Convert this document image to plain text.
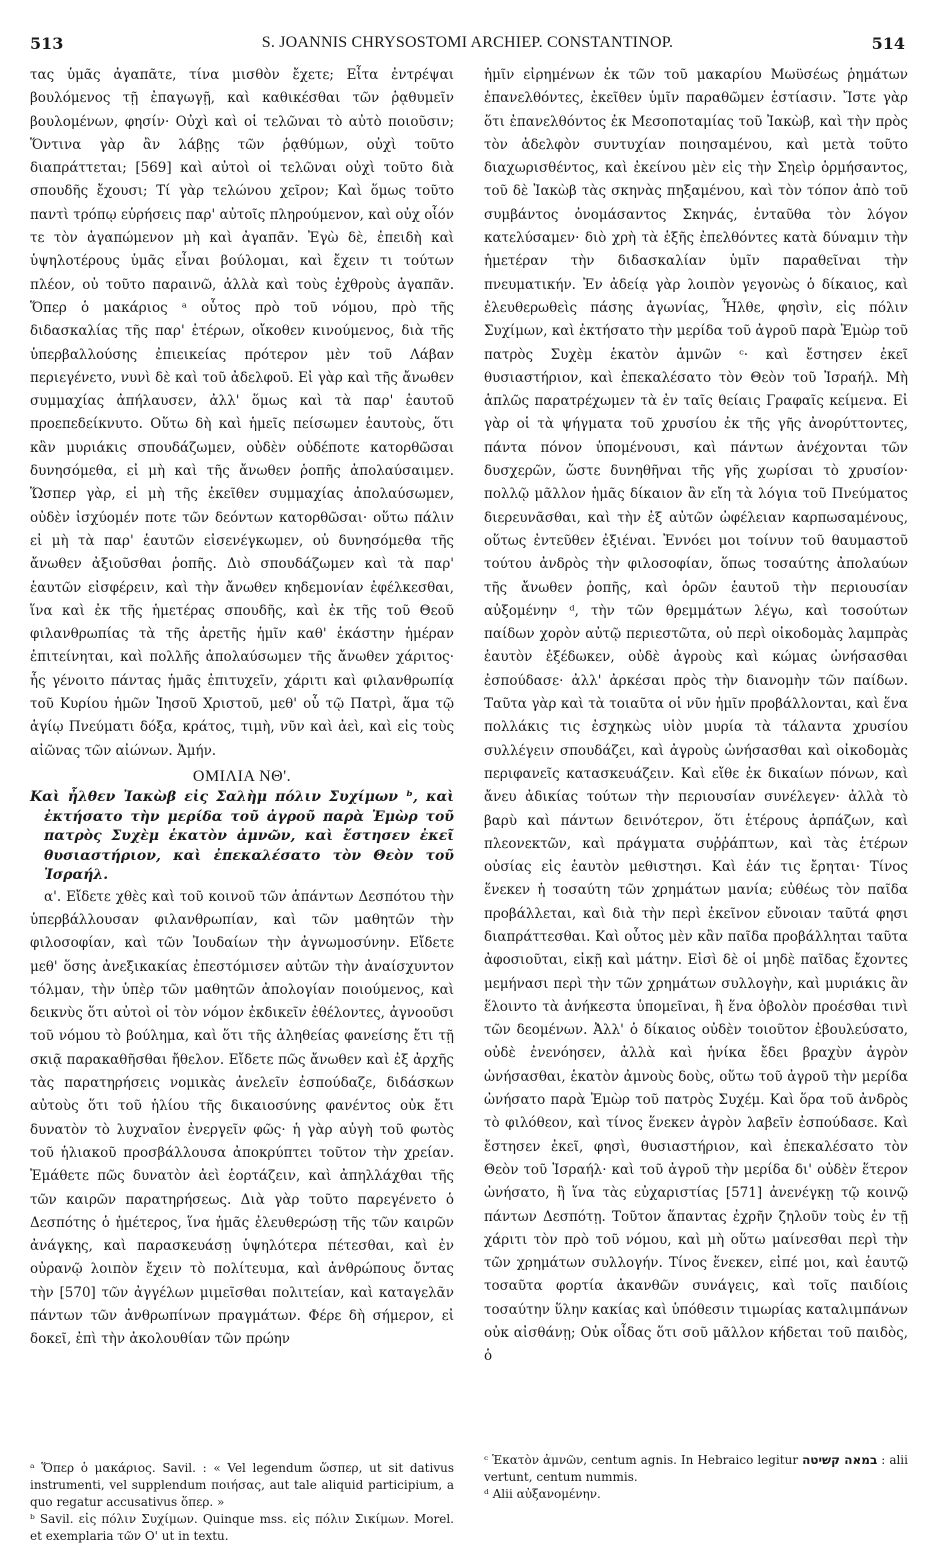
513	S. JOANNIS CHRYSOSTOMI ARCHIEP. CONSTANTINOP.	514

τας ὑμᾶς ἀγαπᾶτε, τίνα μισθὸν ἔχετε; Εἶτα ἐντρέψαι βουλόμενος τῇ ἐπαγωγῇ, καὶ καθικέσθαι τῶν ῥᾳθυμεῖν βουλομένων, φησίν· Οὐχὶ καὶ οἱ τελῶναι τὸ αὐτὸ ποιοῦσιν; Ὅντινα γὰρ ἂν λάβῃς τῶν ῥᾳθύμων, οὐχὶ τοῦτο διαπράττεται; [569] καὶ αὐτοὶ οἱ τελῶναι οὐχὶ τοῦτο διὰ σπουδῆς ἔχουσι; Τί γὰρ τελώνου χεῖρον; Καὶ ὅμως τοῦτο παντὶ τρόπῳ εὑρήσεις παρ' αὐτοῖς πληρούμενον, καὶ οὐχ οἷόν τε τὸν ἀγαπώμενον μὴ καὶ ἀγαπᾶν. Ἐγὼ δὲ, ἐπειδὴ καὶ ὑψηλοτέρους ὑμᾶς εἶναι βούλομαι, καὶ ἔχειν τι τούτων πλέον, οὐ τοῦτο παραινῶ, ἀλλὰ καὶ τοὺς ἐχθροὺς ἀγαπᾶν. Ὅπερ ὁ μακάριος ᵃ οὗτος πρὸ τοῦ νόμου, πρὸ τῆς διδασκαλίας τῆς παρ' ἑτέρων, οἴκοθεν κινούμενος, διὰ τῆς ὑπερβαλλούσης ἐπιεικείας πρότερον μὲν τοῦ Λάβαν περιεγένετο, νυνὶ δὲ καὶ τοῦ ἀδελφοῦ. Εἰ γὰρ καὶ τῆς ἄνωθεν συμμαχίας ἀπήλαυσεν, ἀλλ' ὅμως καὶ τὰ παρ' ἑαυτοῦ προεπεδείκνυτο. Οὕτω δὴ καὶ ἡμεῖς πείσωμεν ἑαυτοὺς, ὅτι κἂν μυριάκις σπουδάζωμεν, οὐδὲν οὐδέποτε κατορθῶσαι δυνησόμεθα, εἰ μὴ καὶ τῆς ἄνωθεν ῥοπῆς ἀπολαύσαιμεν. Ὥσπερ γὰρ, εἰ μὴ τῆς ἐκεῖθεν συμμαχίας ἀπολαύσωμεν, οὐδὲν ἰσχύομέν ποτε τῶν δεόντων κατορθῶσαι· οὕτω πάλιν εἰ μὴ τὰ παρ' ἑαυτῶν εἰσενέγκωμεν, οὐ δυνησόμεθα τῆς ἄνωθεν ἀξιοῦσθαι ῥοπῆς. Διὸ σπουδάζωμεν καὶ τὰ παρ' ἑαυτῶν εἰσφέρειν, καὶ τὴν ἄνωθεν κηδεμονίαν ἐφέλκεσθαι, ἵνα καὶ ἐκ τῆς ἡμετέρας σπουδῆς, καὶ ἐκ τῆς τοῦ Θεοῦ φιλανθρωπίας τὰ τῆς ἀρετῆς ἡμῖν καθ' ἑκάστην ἡμέραν ἐπιτείνηται, καὶ πολλῆς ἀπολαύσωμεν τῆς ἄνωθεν χάριτος· ἧς γένοιτο πάντας ἡμᾶς ἐπιτυχεῖν, χάριτι καὶ φιλανθρωπίᾳ τοῦ Κυρίου ἡμῶν Ἰησοῦ Χριστοῦ, μεθ' οὗ τῷ Πατρὶ, ἅμα τῷ ἁγίῳ Πνεύματι δόξα, κράτος, τιμὴ, νῦν καὶ ἀεὶ, καὶ εἰς τοὺς αἰῶνας τῶν αἰώνων. Ἀμήν.

ΟΜΙΛΙΑ ΝΘ'.

Καὶ ἦλθεν Ἰακὼβ εἰς Σαλὴμ πόλιν Συχίμων ᵇ, καὶ ἐκτήσατο τὴν μερίδα τοῦ ἀγροῦ παρὰ Ἐμὼρ τοῦ πατρὸς Συχὲμ ἑκατὸν ἀμνῶν, καὶ ἔστησεν ἐκεῖ θυσιαστήριον, καὶ ἐπεκαλέσατο τὸν Θεὸν τοῦ Ἰσραήλ.

α'. Εἴδετε χθὲς καὶ τοῦ κοινοῦ τῶν ἁπάντων Δεσπότου τὴν ὑπερβάλλουσαν φιλανθρωπίαν, καὶ τῶν μαθητῶν τὴν φιλοσοφίαν, καὶ τῶν Ἰουδαίων τὴν ἀγνωμοσύνην. Εἴδετε μεθ' ὅσης ἀνεξικακίας ἐπεστόμισεν αὐτῶν τὴν ἀναίσχυντον τόλμαν, τὴν ὑπὲρ τῶν μαθητῶν ἀπολογίαν ποιούμενος, καὶ δεικνὺς ὅτι αὐτοὶ οἱ τὸν νόμον ἐκδικεῖν ἐθέλοντες, ἀγνοοῦσι τοῦ νόμου τὸ βούλημα, καὶ ὅτι τῆς ἀληθείας φανείσης ἔτι τῇ σκιᾷ παρακαθῆσθαι ἤθελον. Εἴδετε πῶς ἄνωθεν καὶ ἐξ ἀρχῆς τὰς παρατηρήσεις νομικὰς ἀνελεῖν ἐσπούδαζε, διδάσκων αὐτοὺς ὅτι τοῦ ἡλίου τῆς δικαιοσύνης φανέντος οὐκ ἔτι δυνατὸν τὸ λυχναῖον ἐνεργεῖν φῶς· ἡ γὰρ αὐγὴ τοῦ φωτὸς τοῦ ἡλιακοῦ προσβάλλουσα ἀποκρύπτει τοῦτον τὴν χρείαν. Ἐμάθετε πῶς δυνατὸν ἀεὶ ἑορτάζειν, καὶ ἀπηλλάχθαι τῆς τῶν καιρῶν παρατηρήσεως. Διὰ γὰρ τοῦτο παρεγένετο ὁ Δεσπότης ὁ ἡμέτερος, ἵνα ἡμᾶς ἐλευθερώσῃ τῆς τῶν καιρῶν ἀνάγκης, καὶ παρασκευάσῃ ὑψηλότερα πέτεσθαι, καὶ ἐν οὐρανῷ λοιπὸν ἔχειν τὸ πολίτευμα, καὶ ἀνθρώπους ὄντας τὴν [570] τῶν ἀγγέλων μιμεῖσθαι πολιτείαν, καὶ καταγελᾶν πάντων τῶν ἀνθρωπίνων πραγμάτων. Φέρε δὴ σήμερον, εἰ δοκεῖ, ἐπὶ τὴν ἀκολουθίαν τῶν πρώην

ἡμῖν εἰρημένων ἐκ τῶν τοῦ μακαρίου Μωϋσέως ῥημάτων ἐπανελθόντες, ἐκεῖθεν ὑμῖν παραθῶμεν ἑστίασιν. Ἴστε γὰρ ὅτι ἐπανελθόντος ἐκ Μεσοποταμίας τοῦ Ἰακὼβ, καὶ τὴν πρὸς τὸν ἀδελφὸν συντυχίαν ποιησαμένου, καὶ μετὰ τοῦτο διαχωρισθέντος, καὶ ἐκείνου μὲν εἰς τὴν Σηεὶρ ὁρμήσαντος, τοῦ δὲ Ἰακὼβ τὰς σκηνὰς πηξαμένου, καὶ τὸν τόπον ἀπὸ τοῦ συμβάντος ὀνομάσαντος Σκηνάς, ἐνταῦθα τὸν λόγον κατελύσαμεν· διὸ χρὴ τὰ ἑξῆς ἐπελθόντες κατὰ δύναμιν τὴν ἡμετέραν τὴν διδασκαλίαν ὑμῖν παραθεῖναι τὴν πνευματικήν. Ἐν ἀδείᾳ γὰρ λοιπὸν γεγονὼς ὁ δίκαιος, καὶ ἐλευθερωθεὶς πάσης ἀγωνίας, Ἦλθε, φησὶν, εἰς πόλιν Συχίμων, καὶ ἐκτήσατο τὴν μερίδα τοῦ ἀγροῦ παρὰ Ἐμὼρ τοῦ πατρὸς Συχὲμ ἑκατὸν ἀμνῶν ᶜ· καὶ ἔστησεν ἐκεῖ θυσιαστήριον, καὶ ἐπεκαλέσατο τὸν Θεὸν τοῦ Ἰσραήλ. Μὴ ἁπλῶς παρατρέχωμεν τὰ ἐν ταῖς θείαις Γραφαῖς κείμενα. Εἰ γὰρ οἱ τὰ ψήγματα τοῦ χρυσίου ἐκ τῆς γῆς ἀνορύττοντες, πάντα πόνον ὑπομένουσι, καὶ πάντων ἀνέχονται τῶν δυσχερῶν, ὥστε δυνηθῆναι τῆς γῆς χωρίσαι τὸ χρυσίον· πολλῷ μᾶλλον ἡμᾶς δίκαιον ἂν εἴη τὰ λόγια τοῦ Πνεύματος διερευνᾶσθαι, καὶ τὴν ἐξ αὐτῶν ὠφέλειαν καρπωσαμένους, οὕτως ἐντεῦθεν ἐξιέναι. Ἐννόει μοι τοίνυν τοῦ θαυμαστοῦ τούτου ἀνδρὸς τὴν φιλοσοφίαν, ὅπως τοσαύτης ἀπολαύων τῆς ἄνωθεν ῥοπῆς, καὶ ὁρῶν ἑαυτοῦ τὴν περιουσίαν αὐξομένην ᵈ, τὴν τῶν θρεμμάτων λέγω, καὶ τοσούτων παίδων χορὸν αὐτῷ περιεστῶτα, οὐ περὶ οἰκοδομὰς λαμπρὰς ἑαυτὸν ἐξέδωκεν, οὐδὲ ἀγροὺς καὶ κώμας ὠνήσασθαι ἐσπούδασε· ἀλλ' ἀρκέσαι πρὸς τὴν διανομὴν τῶν παίδων. Ταῦτα γὰρ καὶ τὰ τοιαῦτα οἱ νῦν ἡμῖν προβάλλονται, καὶ ἕνα πολλάκις τις ἐσχηκὼς υἱὸν μυρία τὰ τάλαντα χρυσίου συλλέγειν σπουδάζει, καὶ ἀγροὺς ὠνήσασθαι καὶ οἰκοδομὰς περιφανεῖς κατασκευάζειν. Καὶ εἴθε ἐκ δικαίων πόνων, καὶ ἄνευ ἀδικίας τούτων τὴν περιουσίαν συνέλεγεν· ἀλλὰ τὸ βαρὺ καὶ πάντων δεινότερον, ὅτι ἑτέρους ἁρπάζων, καὶ πλεονεκτῶν, καὶ πράγματα συῤῥάπτων, καὶ τὰς ἑτέρων οὐσίας εἰς ἑαυτὸν μεθιστησι. Καὶ ἐάν τις ἔρηται· Τίνος ἕνεκεν ἡ τοσαύτη τῶν χρημάτων μανία; εὐθέως τὸν παῖδα προβάλλεται, καὶ διὰ τὴν περὶ ἐκεῖνον εὔνοιαν ταῦτά φησι διαπράττεσθαι. Καὶ οὗτος μὲν κἂν παῖδα προβάλληται ταῦτα ἀφοσιοῦται, εἰκῇ καὶ μάτην. Εἰσὶ δὲ οἱ μηδὲ παῖδας ἔχοντες μεμήνασι περὶ τὴν τῶν χρημάτων συλλογὴν, καὶ μυριάκις ἂν ἕλοιντο τὰ ἀνήκεστα ὑπομεῖναι, ἢ ἕνα ὀβολὸν προέσθαι τινὶ τῶν δεομένων. Ἀλλ' ὁ δίκαιος οὐδὲν τοιοῦτον ἐβουλεύσατο, οὐδὲ ἐνενόησεν, ἀλλὰ καὶ ἡνίκα ἔδει βραχὺν ἀγρὸν ὠνήσασθαι, ἑκατὸν ἀμνοὺς δοὺς, οὕτω τοῦ ἀγροῦ τὴν μερίδα ὠνήσατο παρὰ Ἐμὼρ τοῦ πατρὸς Συχέμ. Καὶ ὅρα τοῦ ἀνδρὸς τὸ φιλόθεον, καὶ τίνος ἕνεκεν ἀγρὸν λαβεῖν ἐσπούδασε. Καὶ ἔστησεν ἐκεῖ, φησὶ, θυσιαστήριον, καὶ ἐπεκαλέσατο τὸν Θεὸν τοῦ Ἰσραήλ· καὶ τοῦ ἀγροῦ τὴν μερίδα δι' οὐδὲν ἕτερον ὠνήσατο, ἢ ἵνα τὰς εὐχαριστίας [571] ἀνενέγκῃ τῷ κοινῷ πάντων Δεσπότῃ. Τοῦτον ἅπαντας ἐχρῆν ζηλοῦν τοὺς ἐν τῇ χάριτι τὸν πρὸ τοῦ νόμου, καὶ μὴ οὕτω μαίνεσθαι περὶ τὴν τῶν χρημάτων συλλογήν. Τίνος ἕνεκεν, εἰπέ μοι, καὶ ἑαυτῷ τοσαῦτα φορτία ἀκανθῶν συνάγεις, καὶ τοῖς παιδίοις τοσαύτην ὕλην κακίας καὶ ὑπόθεσιν τιμωρίας καταλιμπάνων οὐκ αἰσθάνῃ; Οὐκ οἶδας ὅτι σοῦ μᾶλλον κήδεται τοῦ παιδὸς, ὁ

ᵃ Ὅπερ ὁ μακάριος. Savil. : « Vel legendum ὥσπερ, ut sit dativus instrumenti, vel supplendum ποιήσας, aut tale aliquid participium, a quo regatur accusativus ὅπερ. »

ᵇ Savil. εἰς πόλιν Συχίμων. Quinque mss. εἰς πόλιν Σικίμων. Morel. et exemplaria τῶν Ο' ut in textu.

ᶜ Ἑκατὸν ἀμνῶν, centum agnis. In Hebraico legitur במאה קשיטה : alii vertunt, centum nummis.

ᵈ Alii αὐξανομένην.
